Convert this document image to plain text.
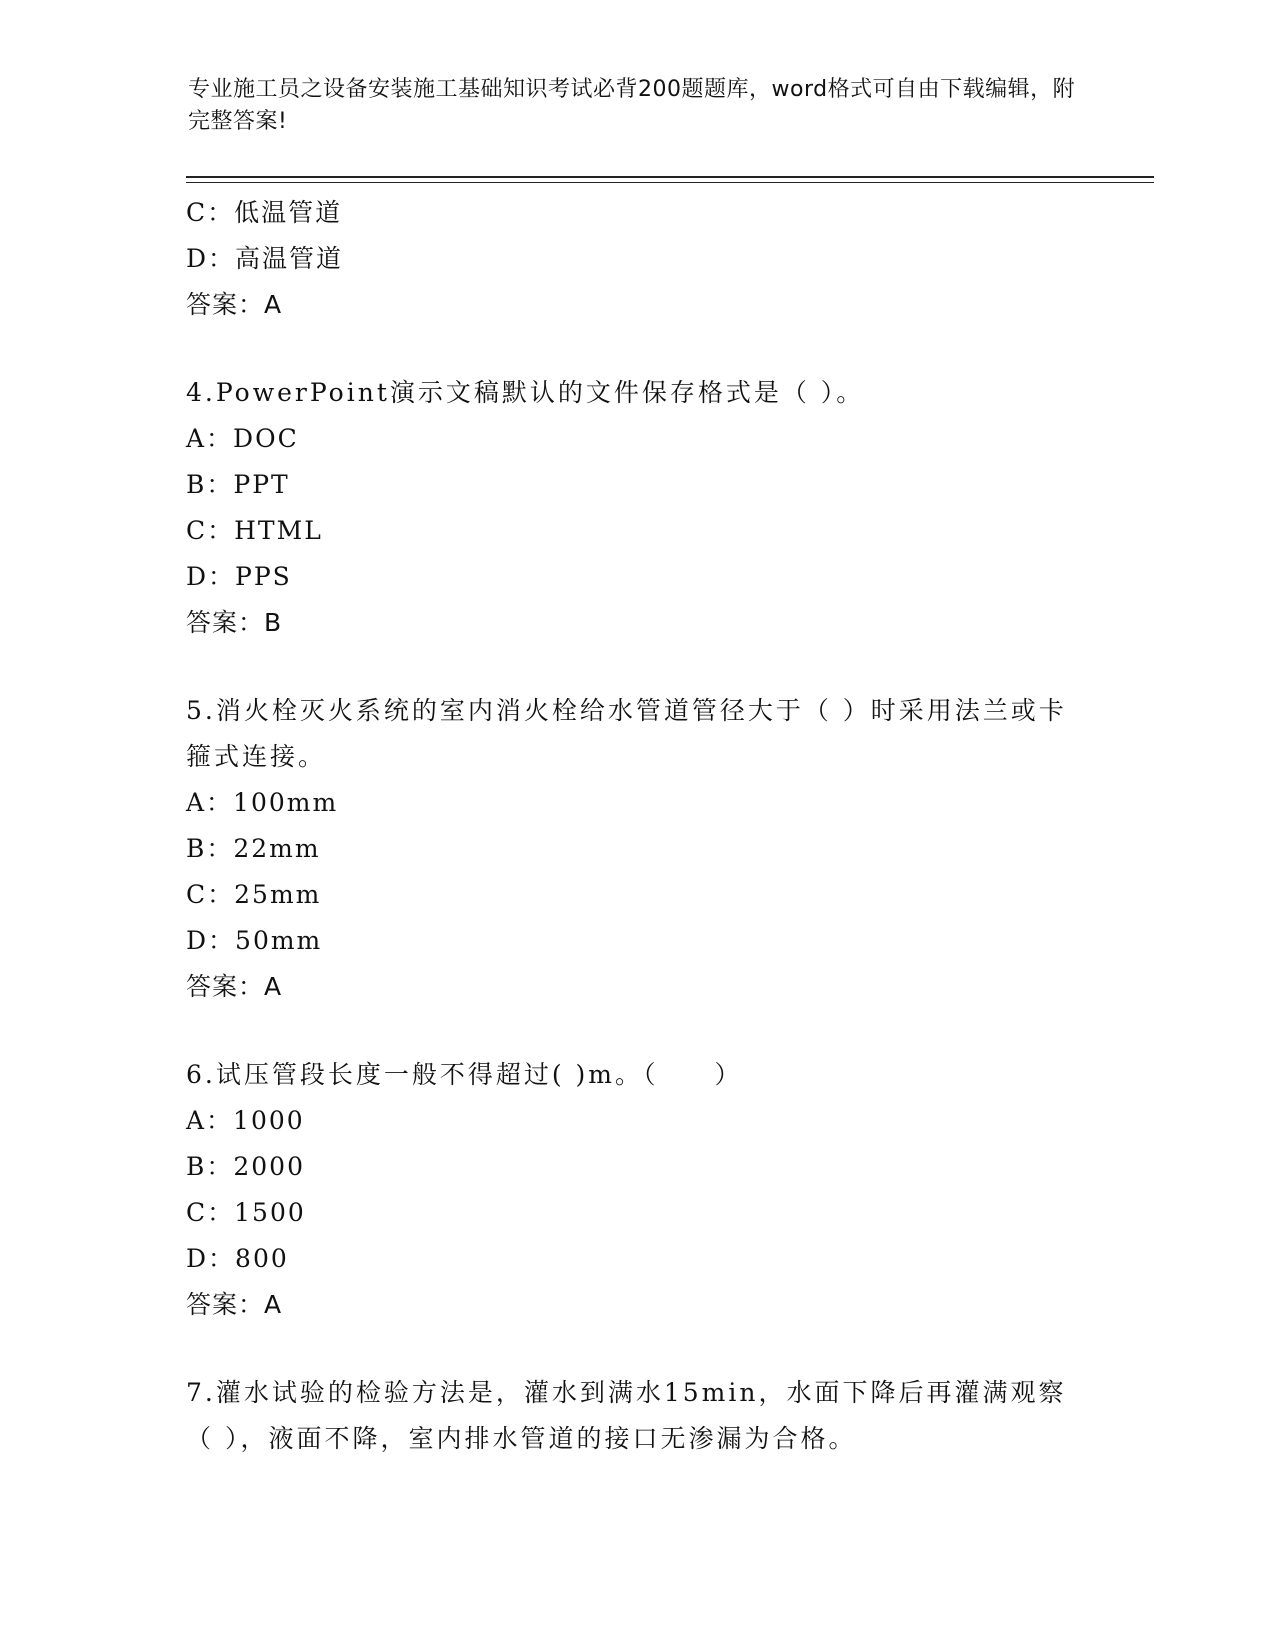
专业施工员之设备安装施工基础知识考试必背200题题库，word格式可自由下载编辑，附完整答案!
C：低温管道
D：高温管道
答案：A
4.PowerPoint演示文稿默认的文件保存格式是（ ）。
A：DOC
B：PPT
C：HTML
D：PPS
答案：B
5.消火栓灭火系统的室内消火栓给水管道管径大于（ ）时采用法兰或卡箍式连接。
A：100mm
B：22mm
C：25mm
D：50mm
答案：A
6.试压管段长度一般不得超过( )m。（　　）
A：1000
B：2000
C：1500
D：800
答案：A
7.灌水试验的检验方法是，灌水到满水15min，水面下降后再灌满观察（ ），液面不降，室内排水管道的接口无渗漏为合格。
